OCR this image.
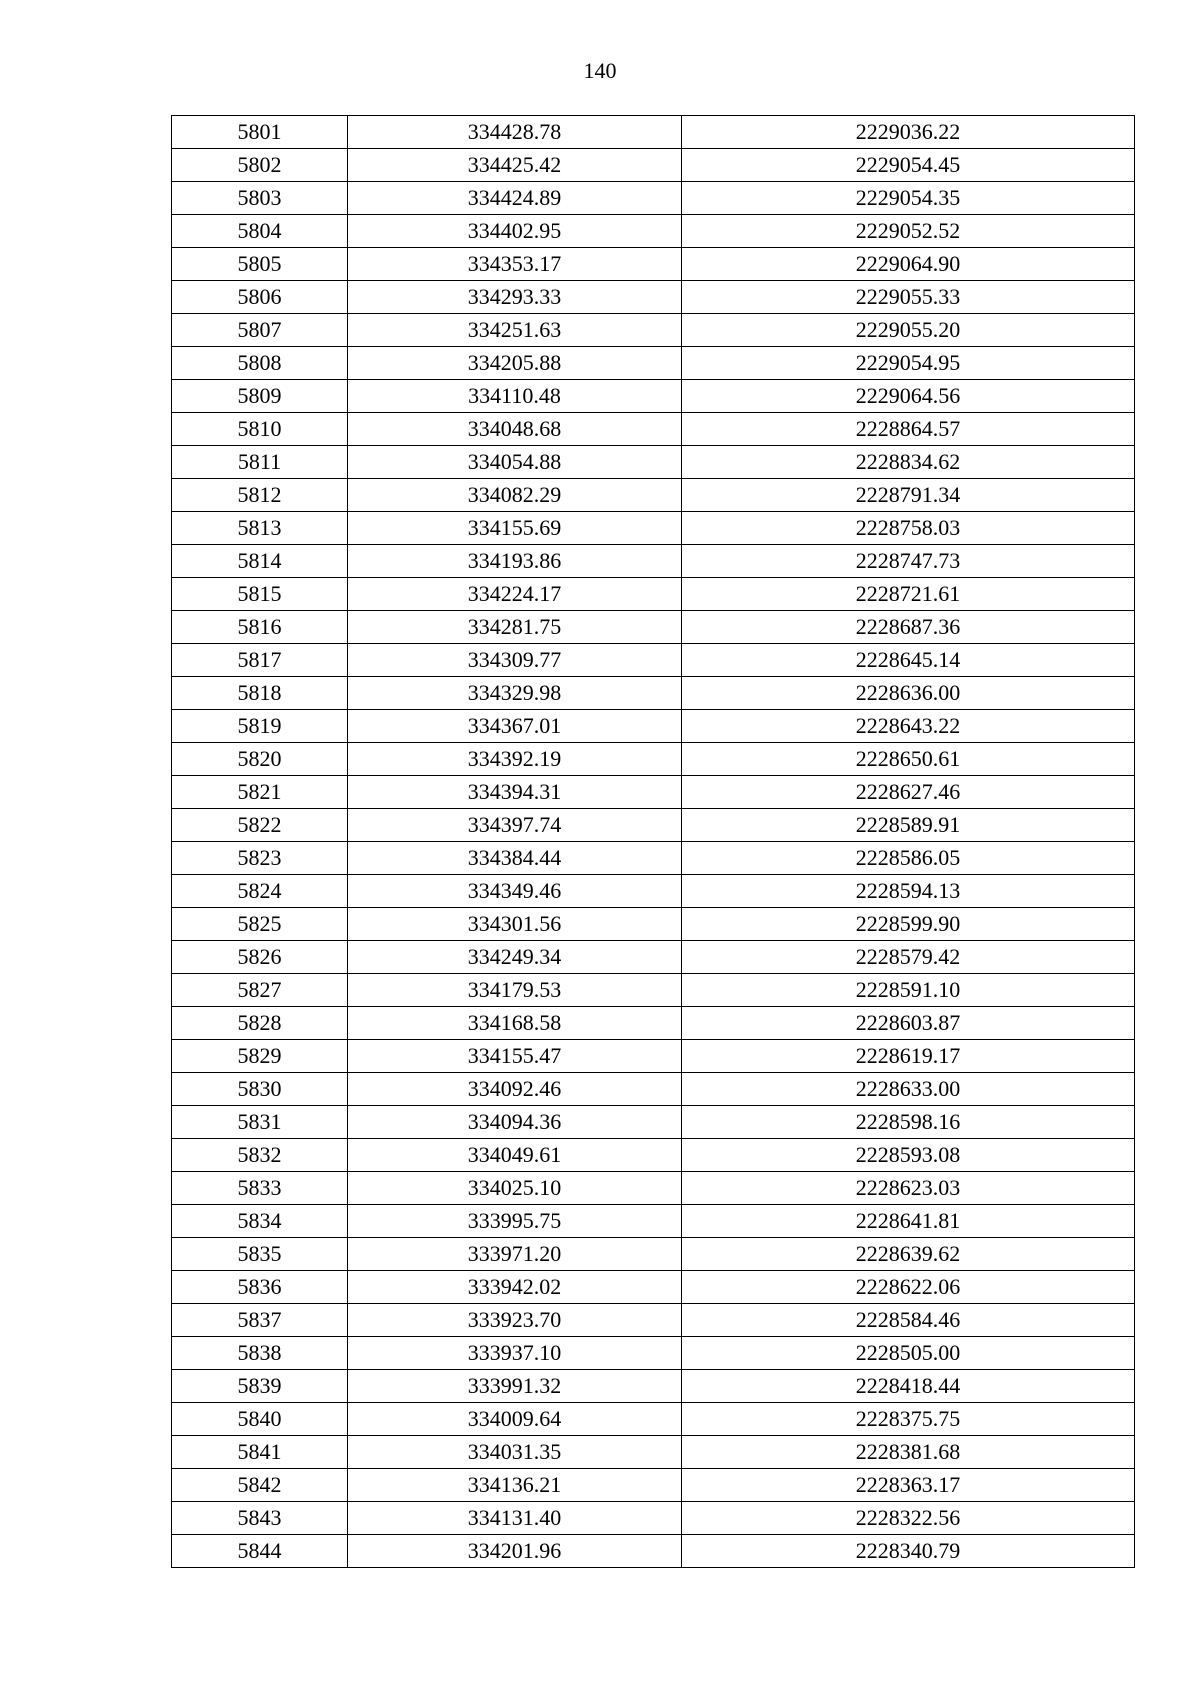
140
5801	334428.78	2229036.22
5802	334425.42	2229054.45
5803	334424.89	2229054.35
5804	334402.95	2229052.52
5805	334353.17	2229064.90
5806	334293.33	2229055.33
5807	334251.63	2229055.20
5808	334205.88	2229054.95
5809	334110.48	2229064.56
5810	334048.68	2228864.57
5811	334054.88	2228834.62
5812	334082.29	2228791.34
5813	334155.69	2228758.03
5814	334193.86	2228747.73
5815	334224.17	2228721.61
5816	334281.75	2228687.36
5817	334309.77	2228645.14
5818	334329.98	2228636.00
5819	334367.01	2228643.22
5820	334392.19	2228650.61
5821	334394.31	2228627.46
5822	334397.74	2228589.91
5823	334384.44	2228586.05
5824	334349.46	2228594.13
5825	334301.56	2228599.90
5826	334249.34	2228579.42
5827	334179.53	2228591.10
5828	334168.58	2228603.87
5829	334155.47	2228619.17
5830	334092.46	2228633.00
5831	334094.36	2228598.16
5832	334049.61	2228593.08
5833	334025.10	2228623.03
5834	333995.75	2228641.81
5835	333971.20	2228639.62
5836	333942.02	2228622.06
5837	333923.70	2228584.46
5838	333937.10	2228505.00
5839	333991.32	2228418.44
5840	334009.64	2228375.75
5841	334031.35	2228381.68
5842	334136.21	2228363.17
5843	334131.40	2228322.56
5844	334201.96	2228340.79
